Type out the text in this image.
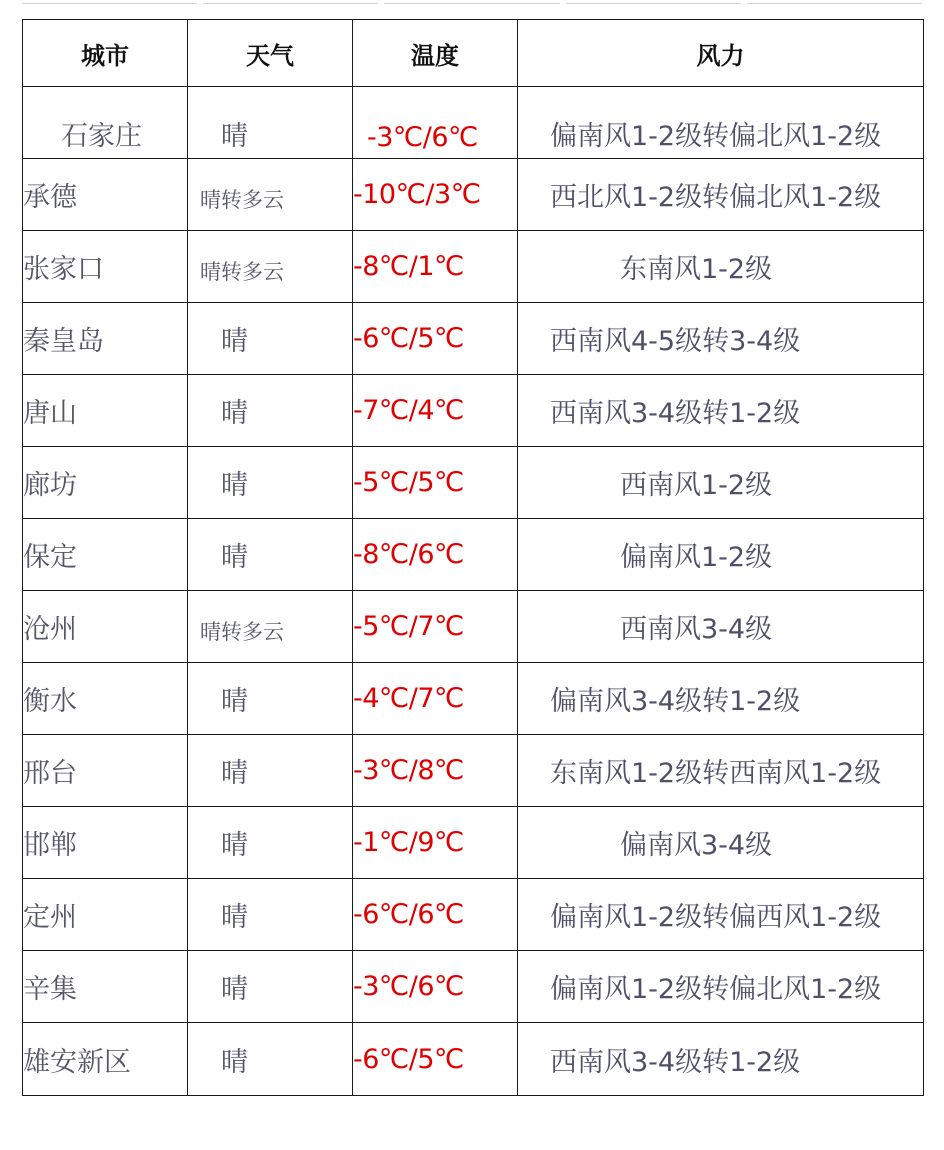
城市	天气	温度	风力
石家庄	晴	-3℃/6℃	偏南风1-2级转偏北风1-2级
承德	晴转多云	-10℃/3℃	西北风1-2级转偏北风1-2级
张家口	晴转多云	-8℃/1℃	东南风1-2级
秦皇岛	晴	-6℃/5℃	西南风4-5级转3-4级
唐山	晴	-7℃/4℃	西南风3-4级转1-2级
廊坊	晴	-5℃/5℃	西南风1-2级
保定	晴	-8℃/6℃	偏南风1-2级
沧州	晴转多云	-5℃/7℃	西南风3-4级
衡水	晴	-4℃/7℃	偏南风3-4级转1-2级
邢台	晴	-3℃/8℃	东南风1-2级转西南风1-2级
邯郸	晴	-1℃/9℃	偏南风3-4级
定州	晴	-6℃/6℃	偏南风1-2级转偏西风1-2级
辛集	晴	-3℃/6℃	偏南风1-2级转偏北风1-2级
雄安新区	晴	-6℃/5℃	西南风3-4级转1-2级
